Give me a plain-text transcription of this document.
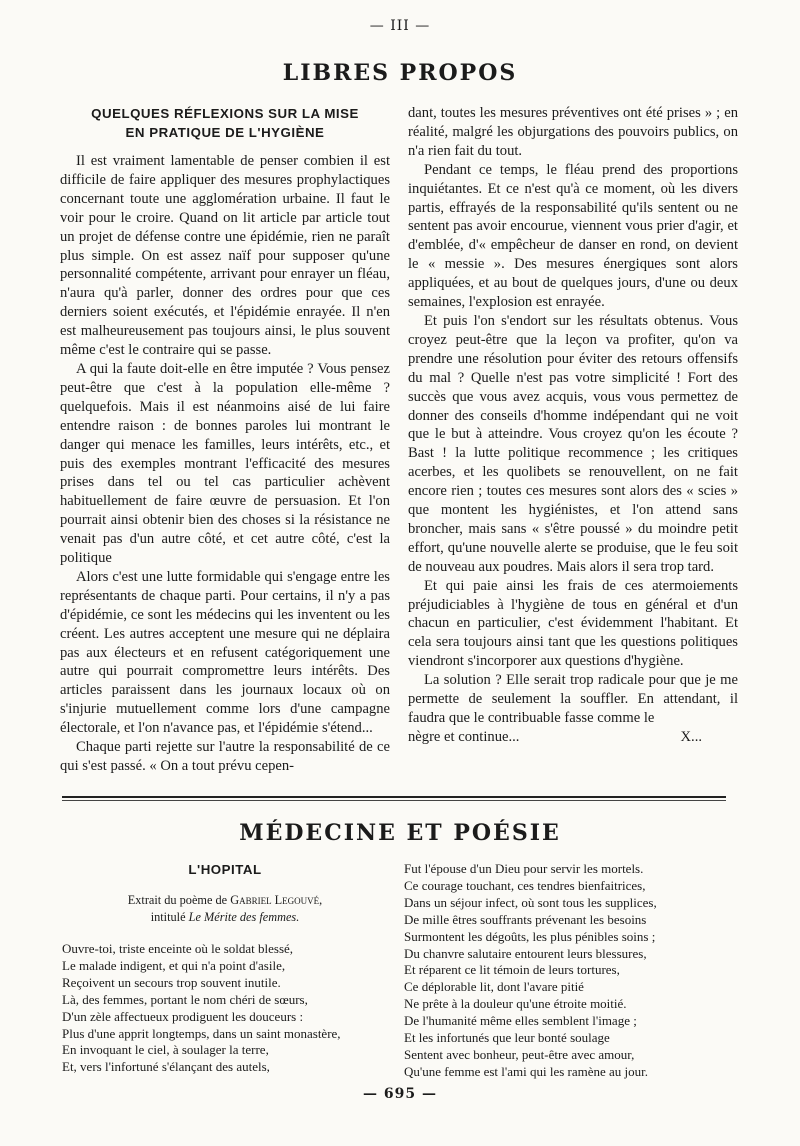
— III —
LIBRES PROPOS
QUELQUES RÉFLEXIONS SUR LA MISE
EN PRATIQUE DE L'HYGIÈNE

Il est vraiment lamentable de penser combien il est difficile de faire appliquer des mesures prophylactiques concernant toute une agglomération urbaine. Il faut le voir pour le croire. Quand on lit article par article tout un projet de défense contre une épidémie, rien ne paraît plus simple. On est assez naïf pour supposer qu'une personnalité compétente, arrivant pour enrayer un fléau, n'aura qu'à parler, donner des ordres pour que ces derniers soient exécutés, et l'épidémie enrayée. Il n'en est malheureusement pas toujours ainsi, le plus souvent même c'est le contraire qui se passe.

A qui la faute doit-elle en être imputée ? Vous pensez peut-être que c'est à la population elle-même ? quelquefois. Mais il est néanmoins aisé de lui faire entendre raison : de bonnes paroles lui montrant le danger qui menace les familles, leurs intérêts, etc., et puis des exemples montrant l'efficacité des mesures prises dans tel ou tel cas particulier achèvent habituellement de faire œuvre de persuasion. Et l'on pourrait ainsi obtenir bien des choses si la résistance ne venait pas d'un autre côté, et cet autre côté, c'est la politique

Alors c'est une lutte formidable qui s'engage entre les représentants de chaque parti. Pour certains, il n'y a pas d'épidémie, ce sont les médecins qui les inventent ou les créent. Les autres acceptent une mesure qui ne déplaira pas aux électeurs et en refusent catégoriquement une autre qui pourrait compromettre leurs intérêts. Des articles paraissent dans les journaux locaux où on s'injurie mutuellement comme lors d'une campagne électorale, et l'on n'avance pas, et l'épidémie s'étend...

Chaque parti rejette sur l'autre la responsabilité de ce qui s'est passé. « On a tout prévu cepen-

dant, toutes les mesures préventives ont été prises » ; en réalité, malgré les objurgations des pouvoirs publics, on n'a rien fait du tout.

Pendant ce temps, le fléau prend des proportions inquiétantes. Et ce n'est qu'à ce moment, où les divers partis, effrayés de la responsabilité qu'ils sentent ou ne sentent pas avoir encourue, viennent vous prier d'agir, et d'emblée, d'« empêcheur de danser en rond, on devient le « messie ». Des mesures énergiques sont alors appliquées, et au bout de quelques jours, d'une ou deux semaines, l'explosion est enrayée.

Et puis l'on s'endort sur les résultats obtenus. Vous croyez peut-être que la leçon va profiter, qu'on va prendre une résolution pour éviter des retours offensifs du mal ? Quelle n'est pas votre simplicité ! Fort des succès que vous avez acquis, vous vous permettez de donner des conseils d'homme indépendant qui ne voit que le but à atteindre. Vous croyez qu'on les écoute ? Bast ! la lutte politique recommence ; les critiques acerbes, et les quolibets se renouvellent, on ne fait encore rien ; toutes ces mesures sont alors des « scies » que montent les hygiénistes, et l'on attend sans broncher, mais sans « s'être poussé » du moindre petit effort, qu'une nouvelle alerte se produise, que le feu soit de nouveau aux poudres. Mais alors il sera trop tard.

Et qui paie ainsi les frais de ces atermoiements préjudiciables à l'hygiène de tous en général et d'un chacun en particulier, c'est évidemment l'habitant. Et cela sera toujours ainsi tant que les questions politiques viendront s'incorporer aux questions d'hygiène.

La solution ? Elle serait trop radicale pour que je me permette de seulement la souffler. En attendant, il faudra que le contribuable fasse comme le

nègre et continue...	X...
MÉDECINE ET POÉSIE
L'HOPITAL
Extrait du poème de Gabriel Legouvé,
intitulé Le Mérite des femmes.
Ouvre-toi, triste enceinte où le soldat blessé,
Le malade indigent, et qui n'a point d'asile,
Reçoivent un secours trop souvent inutile.
Là, des femmes, portant le nom chéri de sœurs,
D'un zèle affectueux prodiguent les douceurs :
Plus d'une apprit longtemps, dans un saint monastère,
En invoquant le ciel, à soulager la terre,
Et, vers l'infortuné s'élançant des autels,
Fut l'épouse d'un Dieu pour servir les mortels.
Ce courage touchant, ces tendres bienfaitrices,
Dans un séjour infect, où sont tous les supplices,
De mille êtres souffrants prévenant les besoins
Surmontent les dégoûts, les plus pénibles soins ;
Du chanvre salutaire entourent leurs blessures,
Et réparent ce lit témoin de leurs tortures,
Ce déplorable lit, dont l'avare pitié
Ne prête à la douleur qu'une étroite moitié.
De l'humanité même elles semblent l'image ;
Et les infortunés que leur bonté soulage
Sentent avec bonheur, peut-être avec amour,
Qu'une femme est l'ami qui les ramène au jour.
— 695 —
